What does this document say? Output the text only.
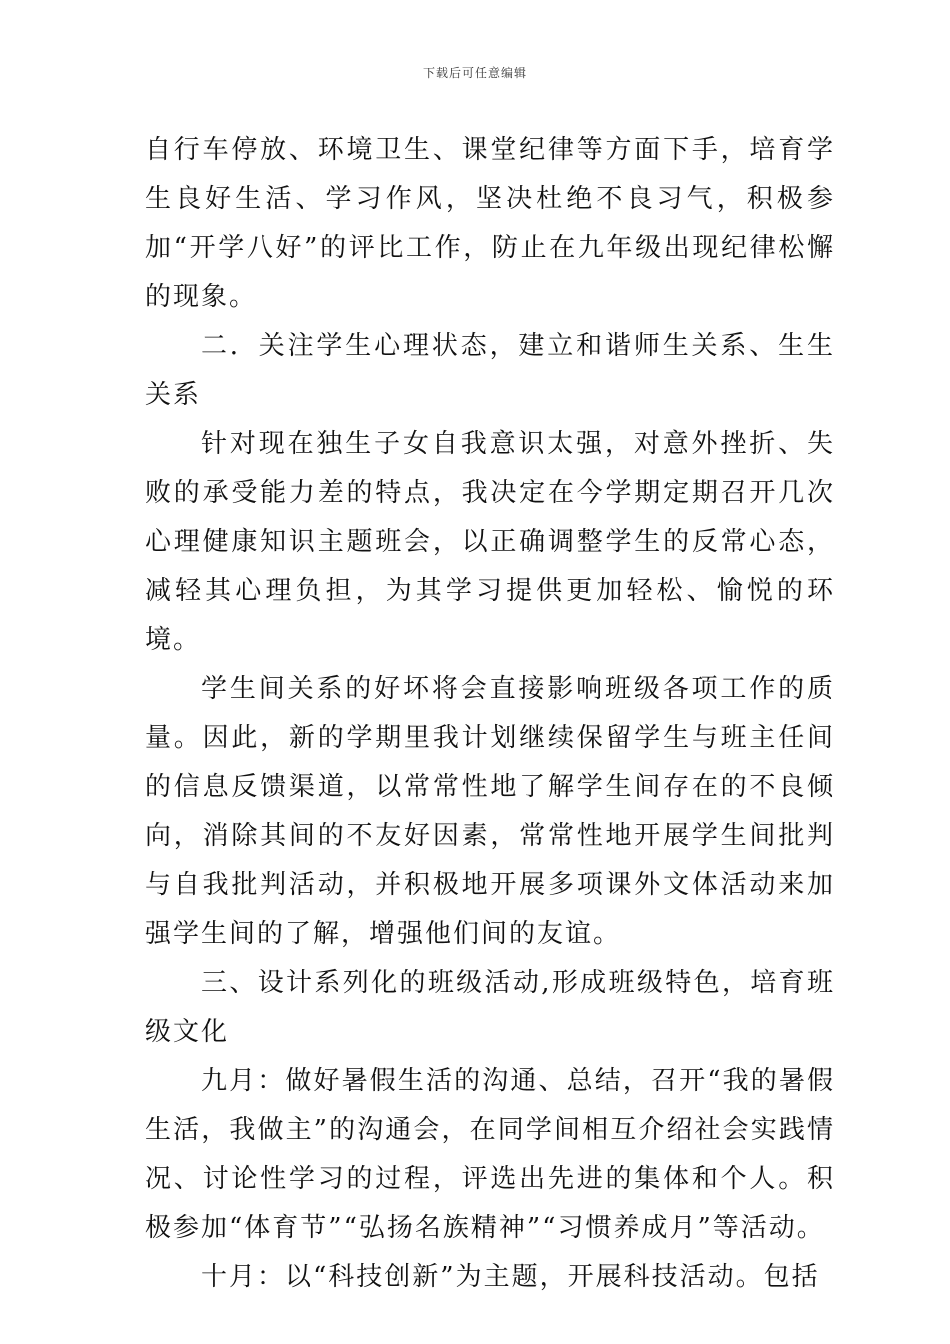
下载后可任意编辑

自行车停放、环境卫生、课堂纪律等方面下手，培育学生良好生活、学习作风，坚决杜绝不良习气，积极参加“开学八好”的评比工作，防止在九年级出现纪律松懈的现象。

二．关注学生心理状态，建立和谐师生关系、生生关系

针对现在独生子女自我意识太强，对意外挫折、失败的承受能力差的特点，我决定在今学期定期召开几次心理健康知识主题班会，以正确调整学生的反常心态，减轻其心理负担，为其学习提供更加轻松、愉悦的环境。

学生间关系的好坏将会直接影响班级各项工作的质量。因此，新的学期里我计划继续保留学生与班主任间的信息反馈渠道，以常常性地了解学生间存在的不良倾向，消除其间的不友好因素，常常性地开展学生间批判与自我批判活动，并积极地开展多项课外文体活动来加强学生间的了解，增强他们间的友谊。

三、设计系列化的班级活动,形成班级特色，培育班级文化

九月：做好暑假生活的沟通、总结，召开“我的暑假生活，我做主”的沟通会，在同学间相互介绍社会实践情况、讨论性学习的过程，评选出先进的集体和个人。积极参加“体育节”“弘扬名族精神”“习惯养成月”等活动。

十月：以“科技创新”为主题，开展科技活动。包括
